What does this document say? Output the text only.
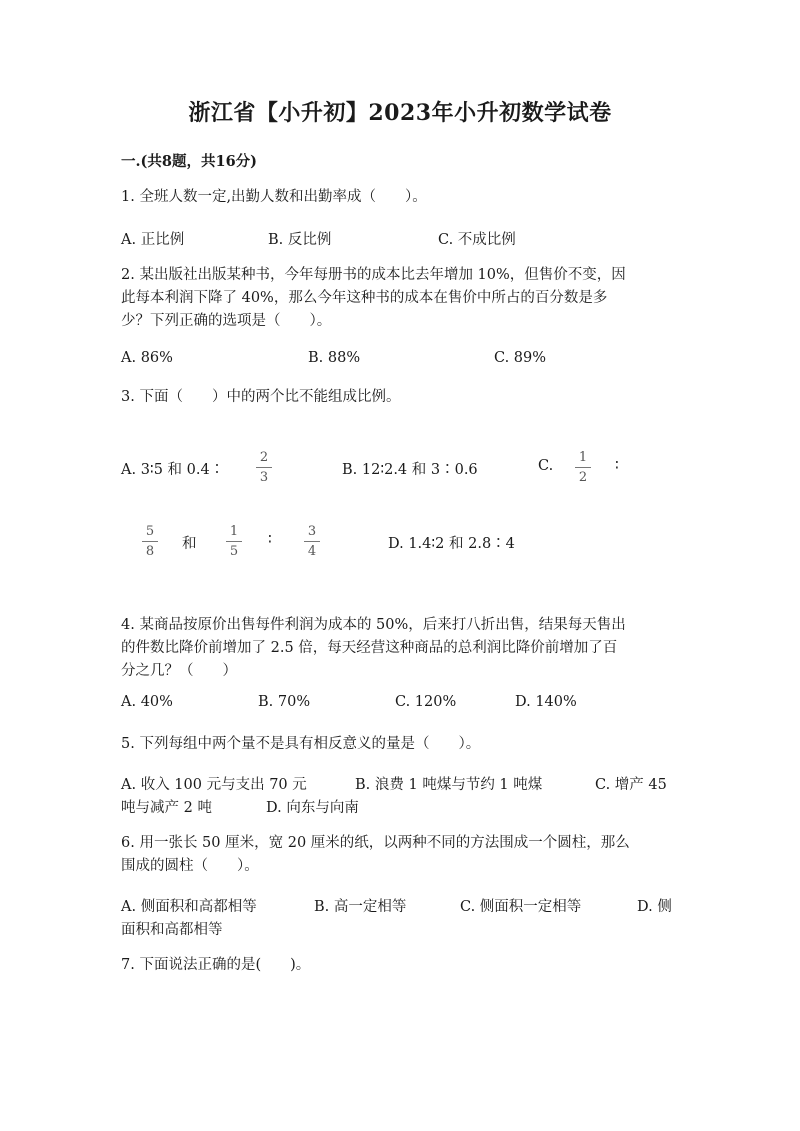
浙江省【小升初】2023年小升初数学试卷
一.(共8题，共16分)
1. 全班人数一定,出勤人数和出勤率成（　　）。
A. 正比例	B. 反比例	C. 不成比例
2. 某出版社出版某种书，今年每册书的成本比去年增加 10%，但售价不变，因
此每本利润下降了 40%，那么今年这种书的成本在售价中所占的百分数是多
少？下列正确的选项是（　　）。
A. 86%	B. 88%	C. 89%
3. 下面（　　）中的两个比不能组成比例。
A. 3∶5 和 0.4∶
2
3	B. 12∶2.4 和 3∶0.6	C.
1
2
∶
5
8	和
1
5
∶
3
4	D. 1.4∶2 和 2.8∶4
4. 某商品按原价出售每件利润为成本的 50%，后来打八折出售，结果每天售出
的件数比降价前增加了 2.5 倍，每天经营这种商品的总利润比降价前增加了百
分之几？（　　）
A. 40%	B. 70%	C. 120%	D. 140%
5. 下列每组中两个量不是具有相反意义的量是（　　）。
A. 收入 100 元与支出 70 元	B. 浪费 1 吨煤与节约 1 吨煤	C. 增产 45
吨与减产 2 吨	D. 向东与向南
6. 用一张长 50 厘米，宽 20 厘米的纸，以两种不同的方法围成一个圆柱，那么
围成的圆柱（　　）。
A. 侧面积和高都相等	B. 高一定相等	C. 侧面积一定相等	D. 侧
面积和高都相等
7. 下面说法正确的是(　　)。
